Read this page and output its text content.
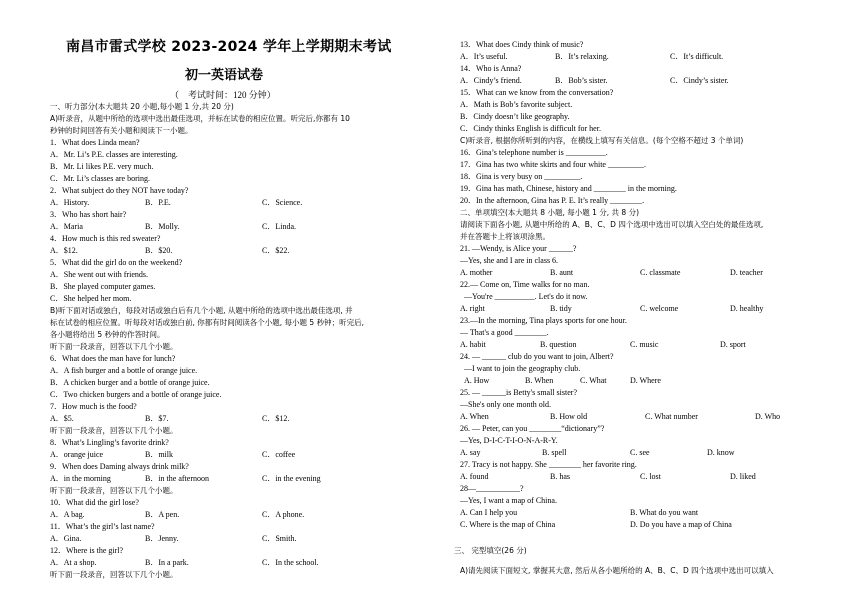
南昌市雷式学校 2023-2024 学年上学期期末考试
初一英语试卷
（　考试时间：120 分钟）
一、听力部分(本大题共 20 小题,每小题 1 分,共 20 分)
A)听录音，从题中所给的选项中选出最佳选项，并标在试卷的相应位置。听完后,你都有 10
秒钟的时间回答有关小题和阅读下一小题。
1．What does Linda mean?
A．Mr. Li’s P.E. classes are interesting.
B．Mr. Li likes P.E. very much.
C．Mr. Li’s classes are boring.
2．What subject do they NOT have today?
A．History.	B．P.E.	C．Science.
3．Who has short hair?
A．Maria	B．Molly.	C．Linda.
4．How much is this red sweater?
A．$12.	B．$20.	C．$22.
5．What did the girl do on the weekend?
A．She went out with friends.
B．She played computer games.
C．She helped her mom.
B)听下面对话或独白，每段对话或独白后有几个小题, 从题中所给的选项中选出最佳选项, 并
标在试卷的相应位置。听每段对话或独白前, 你都有时间阅读各个小题, 每小题 5 秒钟；听完后,
各小题将给出 5 秒钟的作答时间。
听下面一段录音，回答以下几个小题。
6．What does the man have for lunch?
A．A fish burger and a bottle of orange juice.
B．A chicken burger and a bottle of orange juice.
C．Two chicken burgers and a bottle of orange juice.
7．How much is the food?
A．$5.	B．$7.	C．$12.
听下面一段录音，回答以下几个小题。
8．What’s Lingling’s favorite drink?
A．orange juice	B．milk	C．coffee
9．When does Daming always drink milk?
A．in the morning	B．in the afternoon	C．in the evening
听下面一段录音，回答以下几个小题。
10．What did the girl lose?
A．A bag.	B．A pen.	C．A phone.
11．What’s the girl’s last name?
A．Gina.	B．Jenny.	C．Smith.
12．Where is the girl?
A．At a shop.	B．In a park.	C．In the school.
听下面一段录音，回答以下几个小题。
13．What does Cindy think of music?
A．It’s useful.	B．It’s relaxing.	C．It’s difficult.
14．Who is Anna?
A．Cindy’s friend.	B．Bob’s sister.	C．Cindy’s sister.
15．What can we know from the conversation?
A．Math is Bob’s favorite subject.
B．Cindy doesn’t like geography.
C．Cindy thinks English is difficult for her.
C)听录音, 根据你所听到的内容，在横线上填写有关信息。(每个空格不超过 3 个单词)
16．Gina’s telephone number is __________.
17．Gina has two white skirts and four white _________.
18．Gina is very busy on _________.
19．Gina has math, Chinese, history and ________ in the morning.
20．In the afternoon, Gina has P. E. It’s really ________.
二、单项填空(本大题共 8 小题, 每小题 1 分, 共 8 分)
请阅读下面各小题, 从题中所给的 A、B、C、D 四个选项中选出可以填入空白处的最佳选项,
并在答题卡上将该项涂黑。
21. —Wendy, is Alice your ______?
—Yes, she and I are in class 6.
A. mother	B. aunt	C. classmate	D. teacher
22.— Come on, Time walks for no man.
—You're __________. Let's do it now.
A. right	B. tidy	C. welcome	D. healthy
23.—In the morning, Tina plays sports for one hour.
— That's a good ________.
A. habit	B. question	C. music	D. sport
24. — ______ club do you want to join, Albert?
—I want to join the geography club.
A. How	B. When	C. What	D. Where
25. — ______is Betty's small sister?
—She's only one month old.
A. When	B. How old	C. What number	D. Who
26. — Peter, can you ________“dictionary”?
—Yes, D-I-C-T-I-O-N-A-R-Y.
A. say	B. spell	C. see	D. know
27. Tracy is not happy. She ________ her favorite ring.
A. found	B. has	C. lost	D. liked
28—___________?
—Yes, I want a map of China.
A. Can I help you	B. What do you want
C. Where is the map of China	D. Do you have a map of China
三、 完型填空(26 分)
A)请先阅读下面短文, 掌握其大意, 然后从各小题所给的 A、B、C、D 四个选项中选出可以填入
